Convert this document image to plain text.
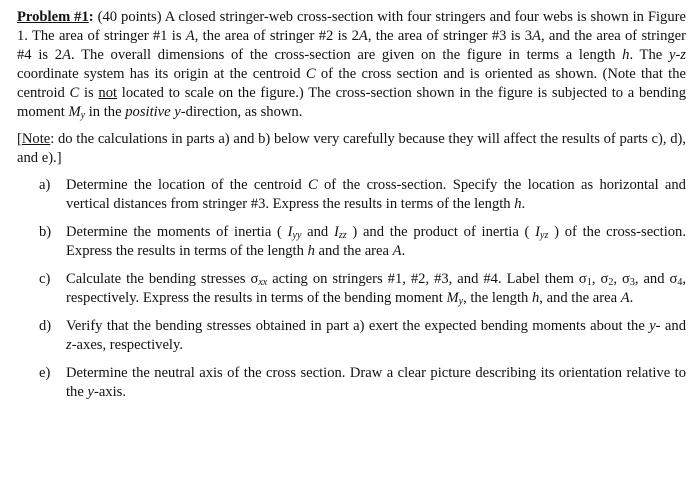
Problem #1: (40 points) A closed stringer-web cross-section with four stringers and four webs is shown in Figure 1. The area of stringer #1 is A, the area of stringer #2 is 2A, the area of stringer #3 is 3A, and the area of stringer #4 is 2A. The overall dimensions of the cross-section are given on the figure in terms a length h. The y-z coordinate system has its origin at the centroid C of the cross section and is oriented as shown. (Note that the centroid C is not located to scale on the figure.) The cross-section shown in the figure is subjected to a bending moment $M_y$ in the positive y-direction, as shown.

[Note: do the calculations in parts a) and b) below very carefully because they will affect the results of parts c), d), and e).]

a)	Determine the location of the centroid C of the cross-section. Specify the location as horizontal and vertical distances from stringer #3. Express the results in terms of the length h.
b)	Determine the moments of inertia ( $I_{yy}$ and $I_{zz}$ ) and the product of inertia ( $I_{yz}$ ) of the cross-section. Express the results in terms of the length h and the area A.
c)	Calculate the bending stresses $\sigma_{xx}$ acting on stringers #1, #2, #3, and #4. Label them $\sigma_1$, $\sigma_2$, $\sigma_3$, and $\sigma_4$, respectively. Express the results in terms of the bending moment $M_y$, the length h, and the area A.
d)	Verify that the bending stresses obtained in part a) exert the expected bending moments about the y- and z-axes, respectively.
e)	Determine the neutral axis of the cross section. Draw a clear picture describing its orientation relative to the y-axis.
